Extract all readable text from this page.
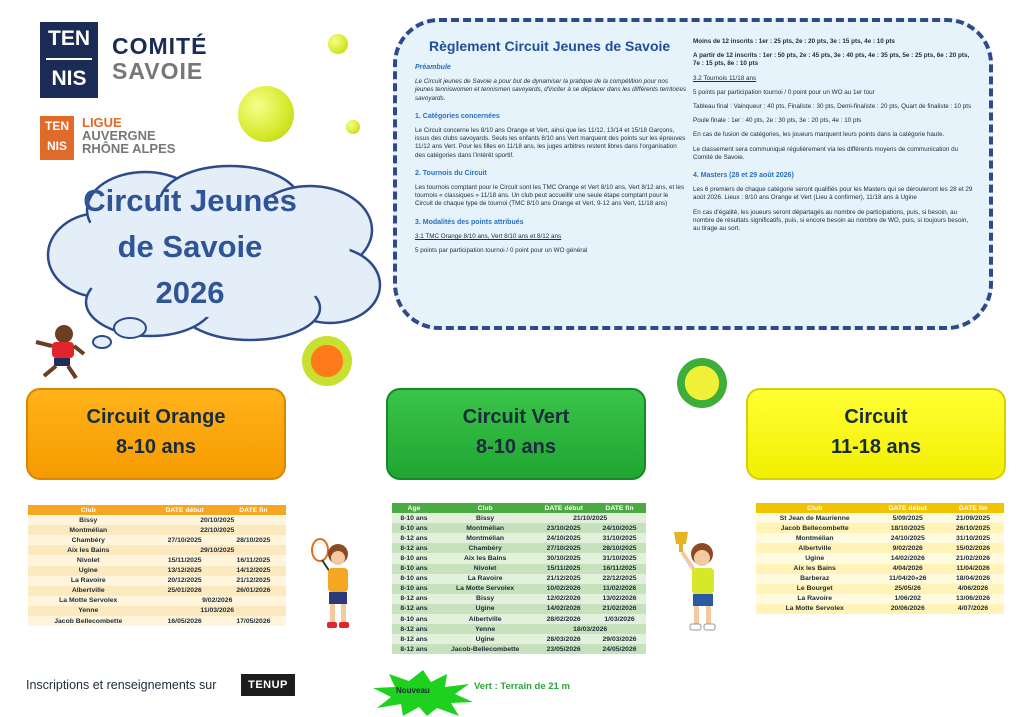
TEN
NIS
COMITÉ
SAVOIE
TEN
NIS
LIGUE
AUVERGNE
RHÔNE ALPES
Circuit Jeunes
de Savoie
2026
Règlement Circuit Jeunes de Savoie
Préambule

Le Circuit jeunes de Savoie a pour but de dynamiser la pratique de la compétition pour nos jeunes tenniswomen et tennismen savoyards, d'inciter à se déplacer dans les différents territoires savoyards.

1. Catégories concernées

Le Circuit concerne les 8/10 ans Orange et Vert, ainsi que les 11/12, 13/14 et 15/18 Garçons, issus des clubs savoyards. Seuls les enfants 8/10 ans Vert marquent des points sur les épreuves 11/12 ans Vert. Pour les filles en 11/18 ans, les juges arbitres restent libres dans l'organisation des catégories dans l'intérêt sportif.

2. Tournois du Circuit

Les tournois comptant pour le Circuit sont les TMC Orange et Vert 8/10 ans, Vert 8/12 ans, et les tournois « classiques » 11/18 ans. Un club peut accueillir une seule étape comptant pour le Circuit de chaque type de tournoi (TMC 8/10 ans Orange et Vert, 9-12 ans Vert, 11/18 ans)

3. Modalités des points attribués

3.1 TMC Orange 8/10 ans, Vert 8/10 ans et 8/12 ans

5 points par participation tournoi / 0 point pour un WO général

Moins de 12 inscrits : 1er : 25 pts, 2e : 20 pts, 3e : 15 pts, 4e : 10 pts

A partir de 12 inscrits : 1er : 50 pts, 2e : 45 pts, 3e : 40 pts, 4e : 35 pts, 5e : 25 pts, 6e : 20 pts, 7e : 15 pts, 8e : 10 pts

3.2 Tournois 11/18 ans

5 points par participation tournoi / 0 point pour un WO au 1er tour

Tableau final : Vainqueur : 40 pts, Finaliste : 30 pts, Demi-finaliste : 20 pts, Quart de finaliste : 10 pts

Poule finale : 1er : 40 pts, 2e : 30 pts, 3e : 20 pts, 4e : 10 pts

En cas de fusion de catégories, les joueurs marquent leurs points dans la catégorie haute.

Le classement sera communiqué régulièrement via les différents moyens de communication du Comité de Savoie.

4. Masters (28 et 29 août 2026)

Les 6 premiers de chaque catégorie seront qualifiés pour les Masters qui se dérouleront les 28 et 29 août 2026. Lieux : 8/10 ans Orange et Vert (Lieu à confirmer), 11/18 ans à Ugine

En cas d'égalité, les joueurs seront départagés au nombre de participations, puis, si besoin, au nombre de résultats significatifs, puis, si encore besoin au nombre de WO, puis, si toujours besoin, au tirage au sort.

Circuit Orange
8-10 ans
Circuit Vert
8-10 ans
Circuit
11-18 ans
Club	DATE début	DATE fin
Bissy	20/10/2025	
Montmélian	22/10/2025	
Chambéry	27/10/2025	28/10/2025
Aix les Bains	29/10/2025	
Nivolet	15/11/2025	16/11/2025
Ugine	13/12/2025	14/12/2025
La Ravoire	20/12/2025	21/12/2025
Albertville	25/01/2026	26/01/2026
La Motte Servolex	9/02/2026	
Yenne	11/03/2026	
Jacob Bellecombette	16/05/2026	17/05/2026
Age	Club	DATE début	DATE fin
8-10 ans	Bissy	21/10/2025	
8-10 ans	Montmélian	23/10/2025	24/10/2025
8-12 ans	Montmélian	24/10/2025	31/10/2025
8-12 ans	Chambéry	27/10/2025	28/10/2025
8-10 ans	Aix les Bains	30/10/2025	31/10/2025
8-10 ans	Nivolet	15/11/2025	16/11/2025
8-10 ans	La Ravoire	21/12/2025	22/12/2025
8-10 ans	La Motte Servolex	10/02/2026	11/02/2026
8-12 ans	Bissy	12/02/2026	13/02/2026
8-12 ans	Ugine	14/02/2026	21/02/2026
8-10 ans	Albertville	28/02/2026	1/03/2026
8-12 ans	Yenne	18/03/2026	
8-12 ans	Ugine	28/03/2026	29/03/2026
8-12 ans	Jacob-Bellecombette	23/05/2026	24/05/2026
Club	DATE début	DATE fin
St Jean de Maurienne	5/09/2025	21/09/2025
Jacob Bellecombette	18/10/2025	26/10/2025
Montmélian	24/10/2025	31/10/2025
Albertville	9/02/2026	15/02/2026
Ugine	14/02/2026	21/02/2026
Aix les Bains	4/04/2026	11/04/2026
Barberaz	11/04/20«26	18/04/2026
Le Bourget	25/05/26	4/06/2026
La Ravoire	1/06/202	13/06/2026
La Motte Servolex	20/06/2026	4/07/2026
Inscriptions et renseignements sur	TENUP	Nouveau	Vert : Terrain de 21 m
